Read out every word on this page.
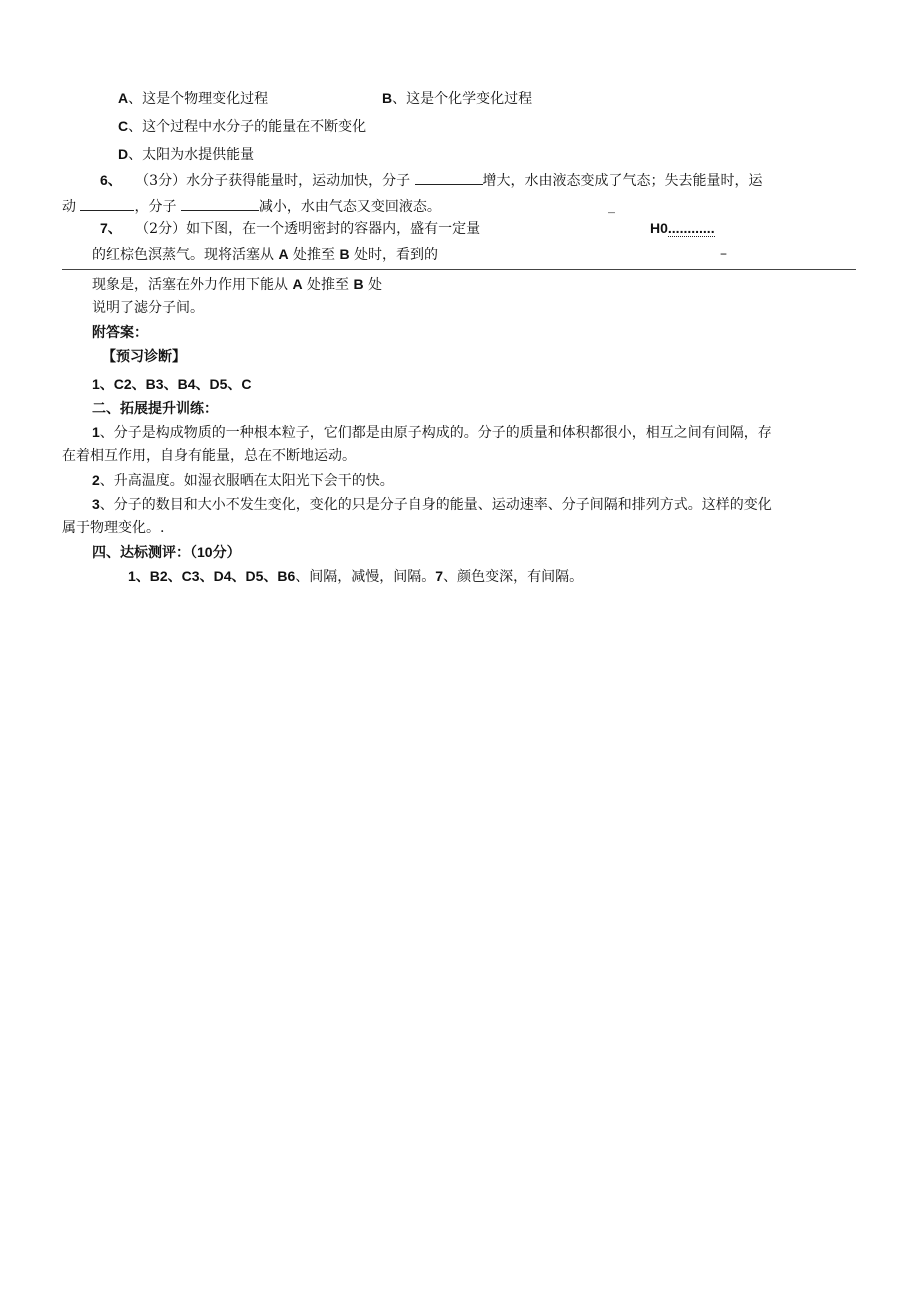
A、这是个物理变化过程	B、这是个化学变化过程
C、这个过程中水分子的能量在不断变化
D、太阳为水提供能量
6、 （3分）水分子获得能量时，运动加快，分子	增大，水由液态变成了气态；失去能量时，运
动	，分子	减小，水由气态又变回液态。	_
7、 （2分）如下图，在一个透明密封的容器内，盛有一定量	H0............
的红棕色溟蒸气。现将活塞从 A 处推至 B 处时，看到的	–
现象是，活塞在外力作用下能从 A 处推至 B 处
说明了滤分子间。
附答案：
【预习诊断】
1、C2、B3、B4、D5、C
二、拓展提升训练：
1、分子是构成物质的一种根本粒子，它们都是由原子构成的。分子的质量和体积都很小，相互之间有间隔，存
在着相互作用，自身有能量，总在不断地运动。
2、升高温度。如湿衣服晒在太阳光下会干的快。
3、分子的数目和大小不发生变化，变化的只是分子自身的能量、运动速率、分子间隔和排列方式。这样的变化
属于物理变化。.
四、达标测评：（10分）
1、B2、C3、D4、D5、B6、间隔，减慢，间隔。7、颜色变深，有间隔。
